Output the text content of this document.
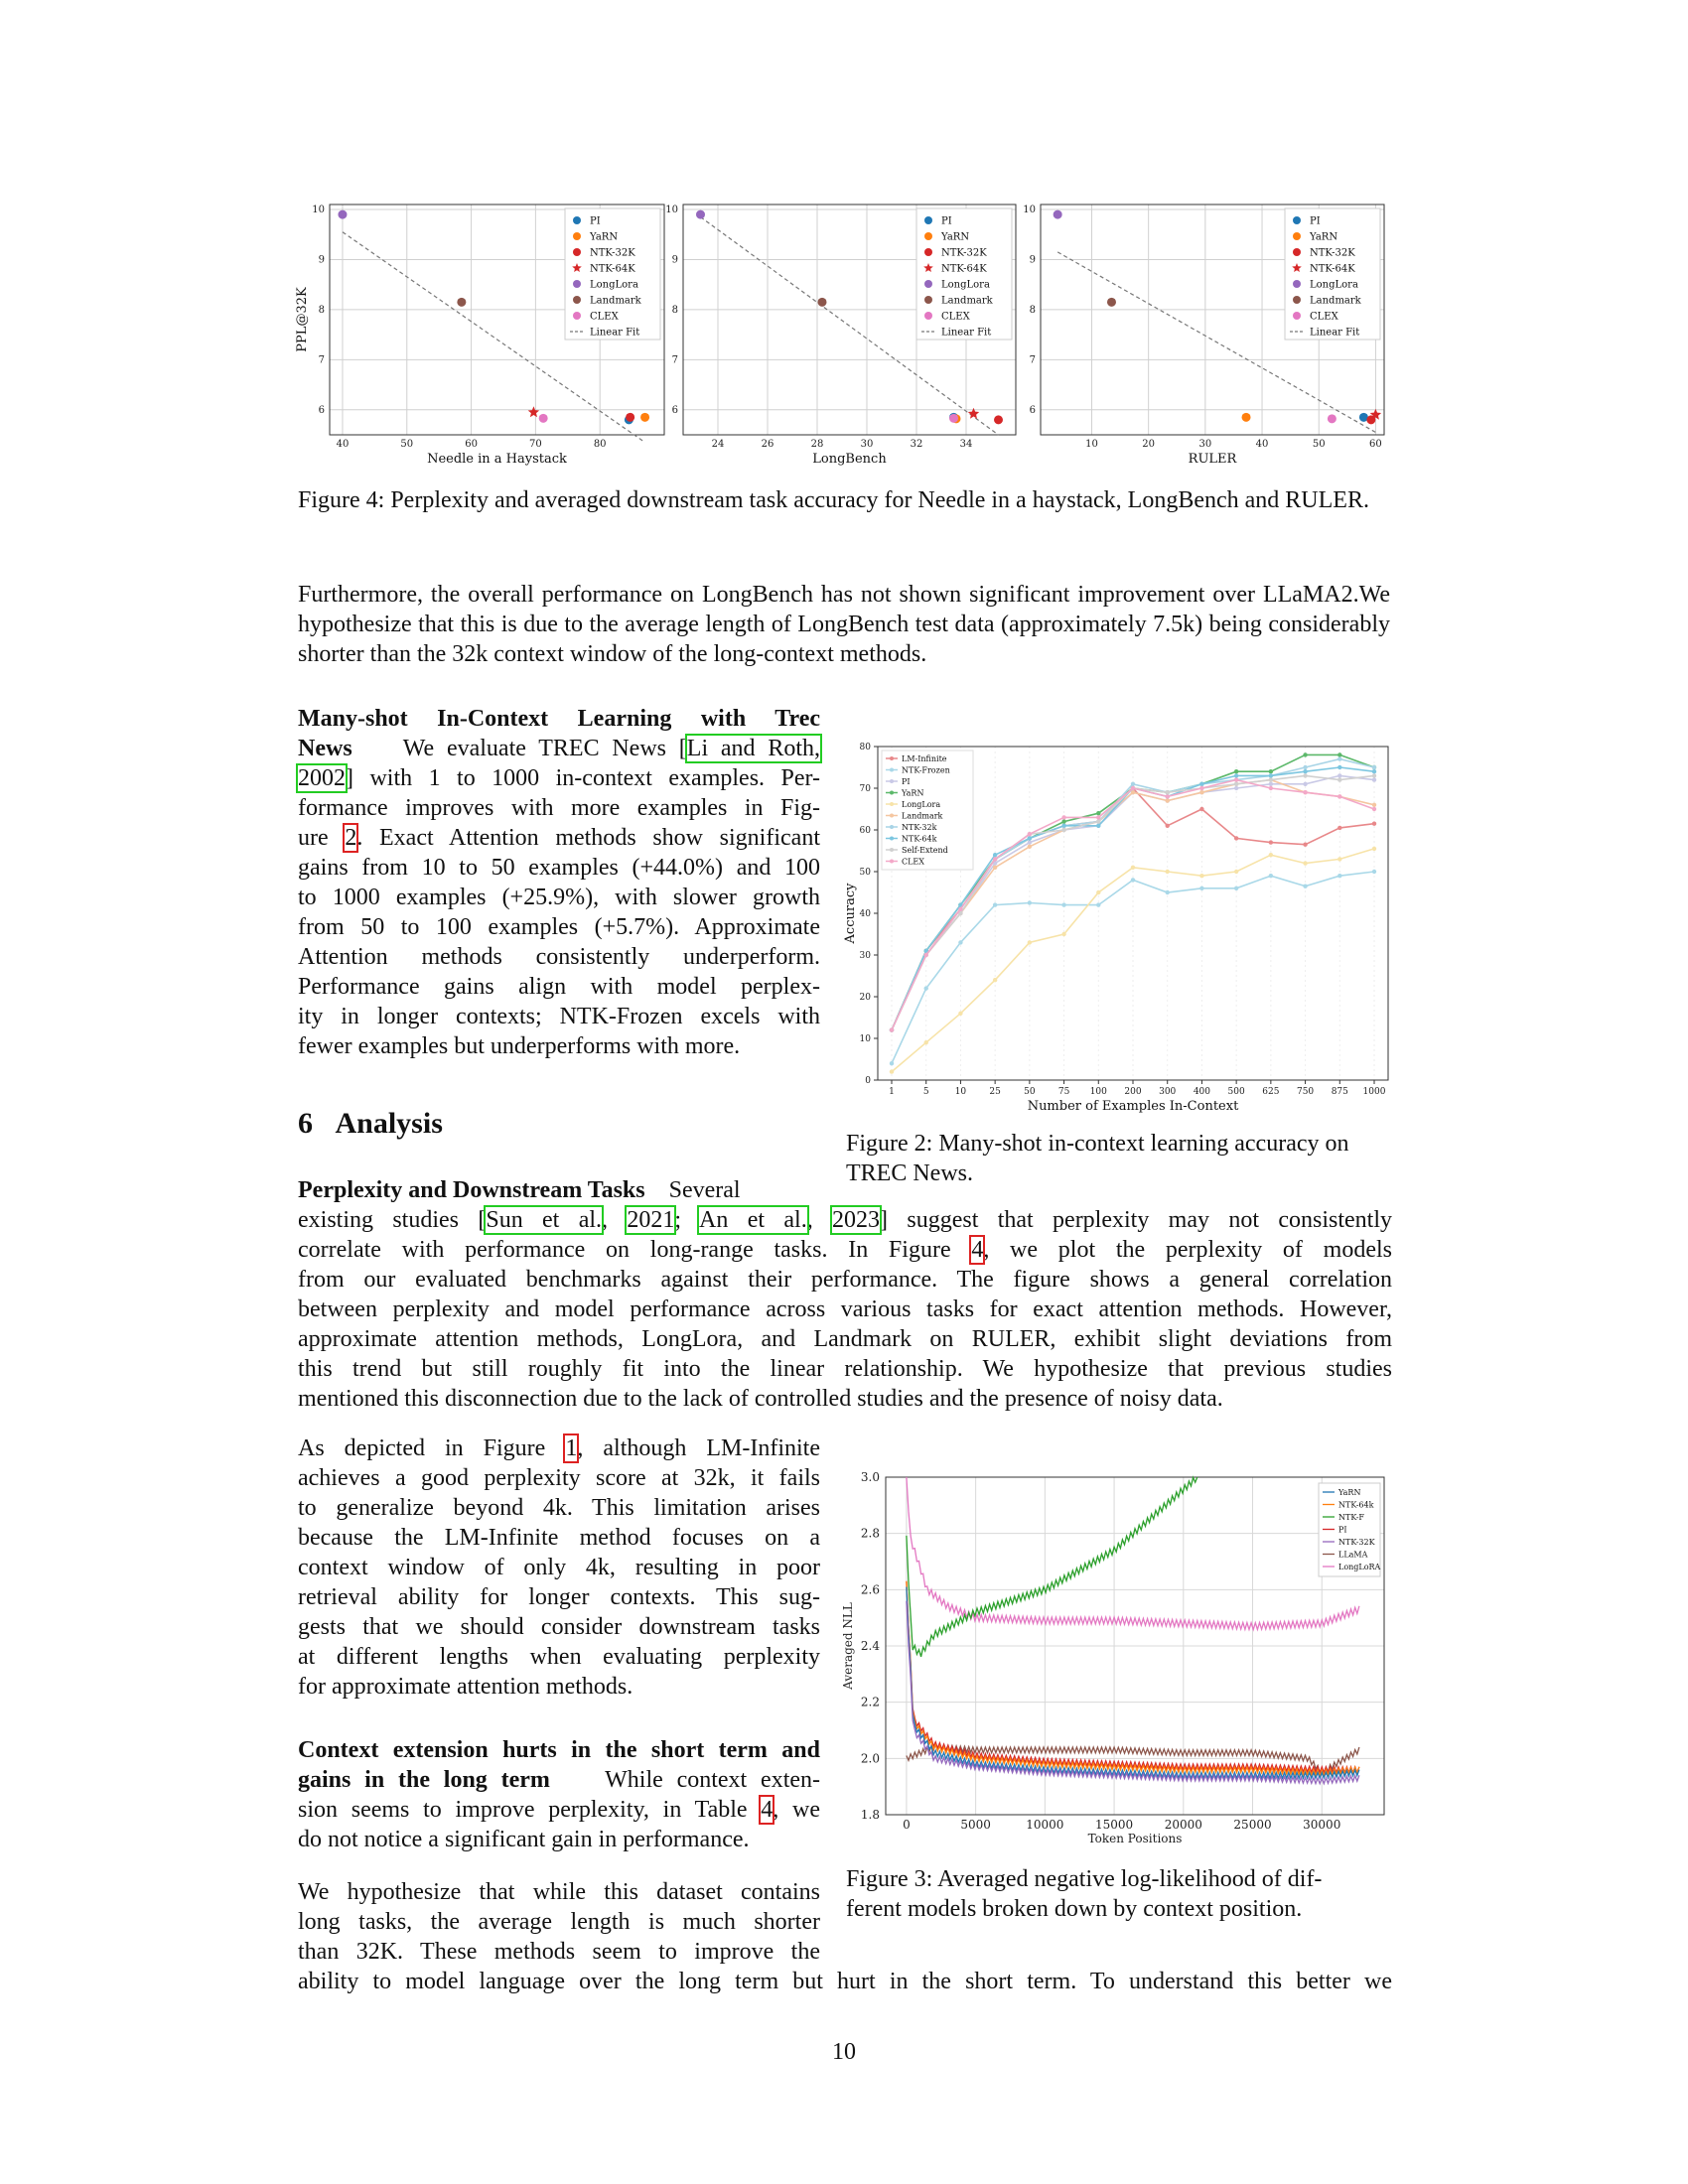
40	50	60	70	80
6
7
8
9
10
Needle in a Haystack
PI
YaRN
NTK-32K
NTK-64K
LongLora
Landmark
CLEX
Linear Fit
24	26	28	30	32	34
6
7
8
9
10
LongBench
PI
YaRN
NTK-32K
NTK-64K
LongLora
Landmark
CLEX
Linear Fit
10	20	30	40	50	60
6
7
8
9
10
RULER
PI
YaRN
NTK-32K
NTK-64K
LongLora
Landmark
CLEX
Linear Fit
PPL@32K
Figure 4: Perplexity and averaged downstream task accuracy for Needle in a haystack, LongBench and RULER.
Furthermore, the overall performance on LongBench has not shown significant improvement over LLaMA2.We hypothesize that this is due to the average length of LongBench test data (approximately 7.5k) being considerably shorter than the 32k context window of the long-context methods.
Many-shot In-Context Learning with Trec
News We evaluate TREC News [Li and Roth,
2002] with 1 to 1000 in-context examples. Per-
formance improves with more examples in Fig-
ure 2. Exact Attention methods show significant
gains from 10 to 50 examples (+44.0%) and 100
to 1000 examples (+25.9%), with slower growth
from 50 to 100 examples (+5.7%). Approximate
Attention methods consistently underperform.
Performance gains align with model perplex-
ity in longer contexts; NTK-Frozen excels with
fewer examples but underperforms with more.
0
10
20
30
40
50
60
70
80
1	5	10	25	50	75 100 200 300 400 500 625 750 875 1000
LM-Infinite
NTK-Frozen
PI
YaRN
LongLora
Landmark
NTK-32k
NTK-64k
Self-Extend
CLEX
Number of Examples In-Context
Accuracy
Figure 2: Many-shot in-context learning accuracy on TREC News.
6 Analysis
Perplexity and Downstream Tasks Several
existing studies [Sun et al., 2021; An et al., 2023] suggest that perplexity may not consistently
correlate with performance on long-range tasks. In Figure 4, we plot the perplexity of models
from our evaluated benchmarks against their performance. The figure shows a general correlation
between perplexity and model performance across various tasks for exact attention methods. However,
approximate attention methods, LongLora, and Landmark on RULER, exhibit slight deviations from
this trend but still roughly fit into the linear relationship. We hypothesize that previous studies
mentioned this disconnection due to the lack of controlled studies and the presence of noisy data.
As depicted in Figure 1, although LM-Infinite
achieves a good perplexity score at 32k, it fails
to generalize beyond 4k. This limitation arises
because the LM-Infinite method focuses on a
context window of only 4k, resulting in poor
retrieval ability for longer contexts. This sug-
gests that we should consider downstream tasks
at different lengths when evaluating perplexity
for approximate attention methods.
Context extension hurts in the short term and
gains in the long term While context exten-
sion seems to improve perplexity, in Table 4, we
do not notice a significant gain in performance.
We hypothesize that while this dataset contains
long tasks, the average length is much shorter
than 32K. These methods seem to improve the
ability to model language over the long term but hurt in the short term. To understand this better we
0	5000	10000	15000	20000	25000	30000
1.8
2.0
2.2
2.4
2.6
2.8
3.0
YaRN
NTK-64k
NTK-F
PI
NTK-32K
LLaMA
LongLoRA
Token Positions
Averaged NLL
Figure 3: Averaged negative log-likelihood of dif-
ferent models broken down by context position.
10
